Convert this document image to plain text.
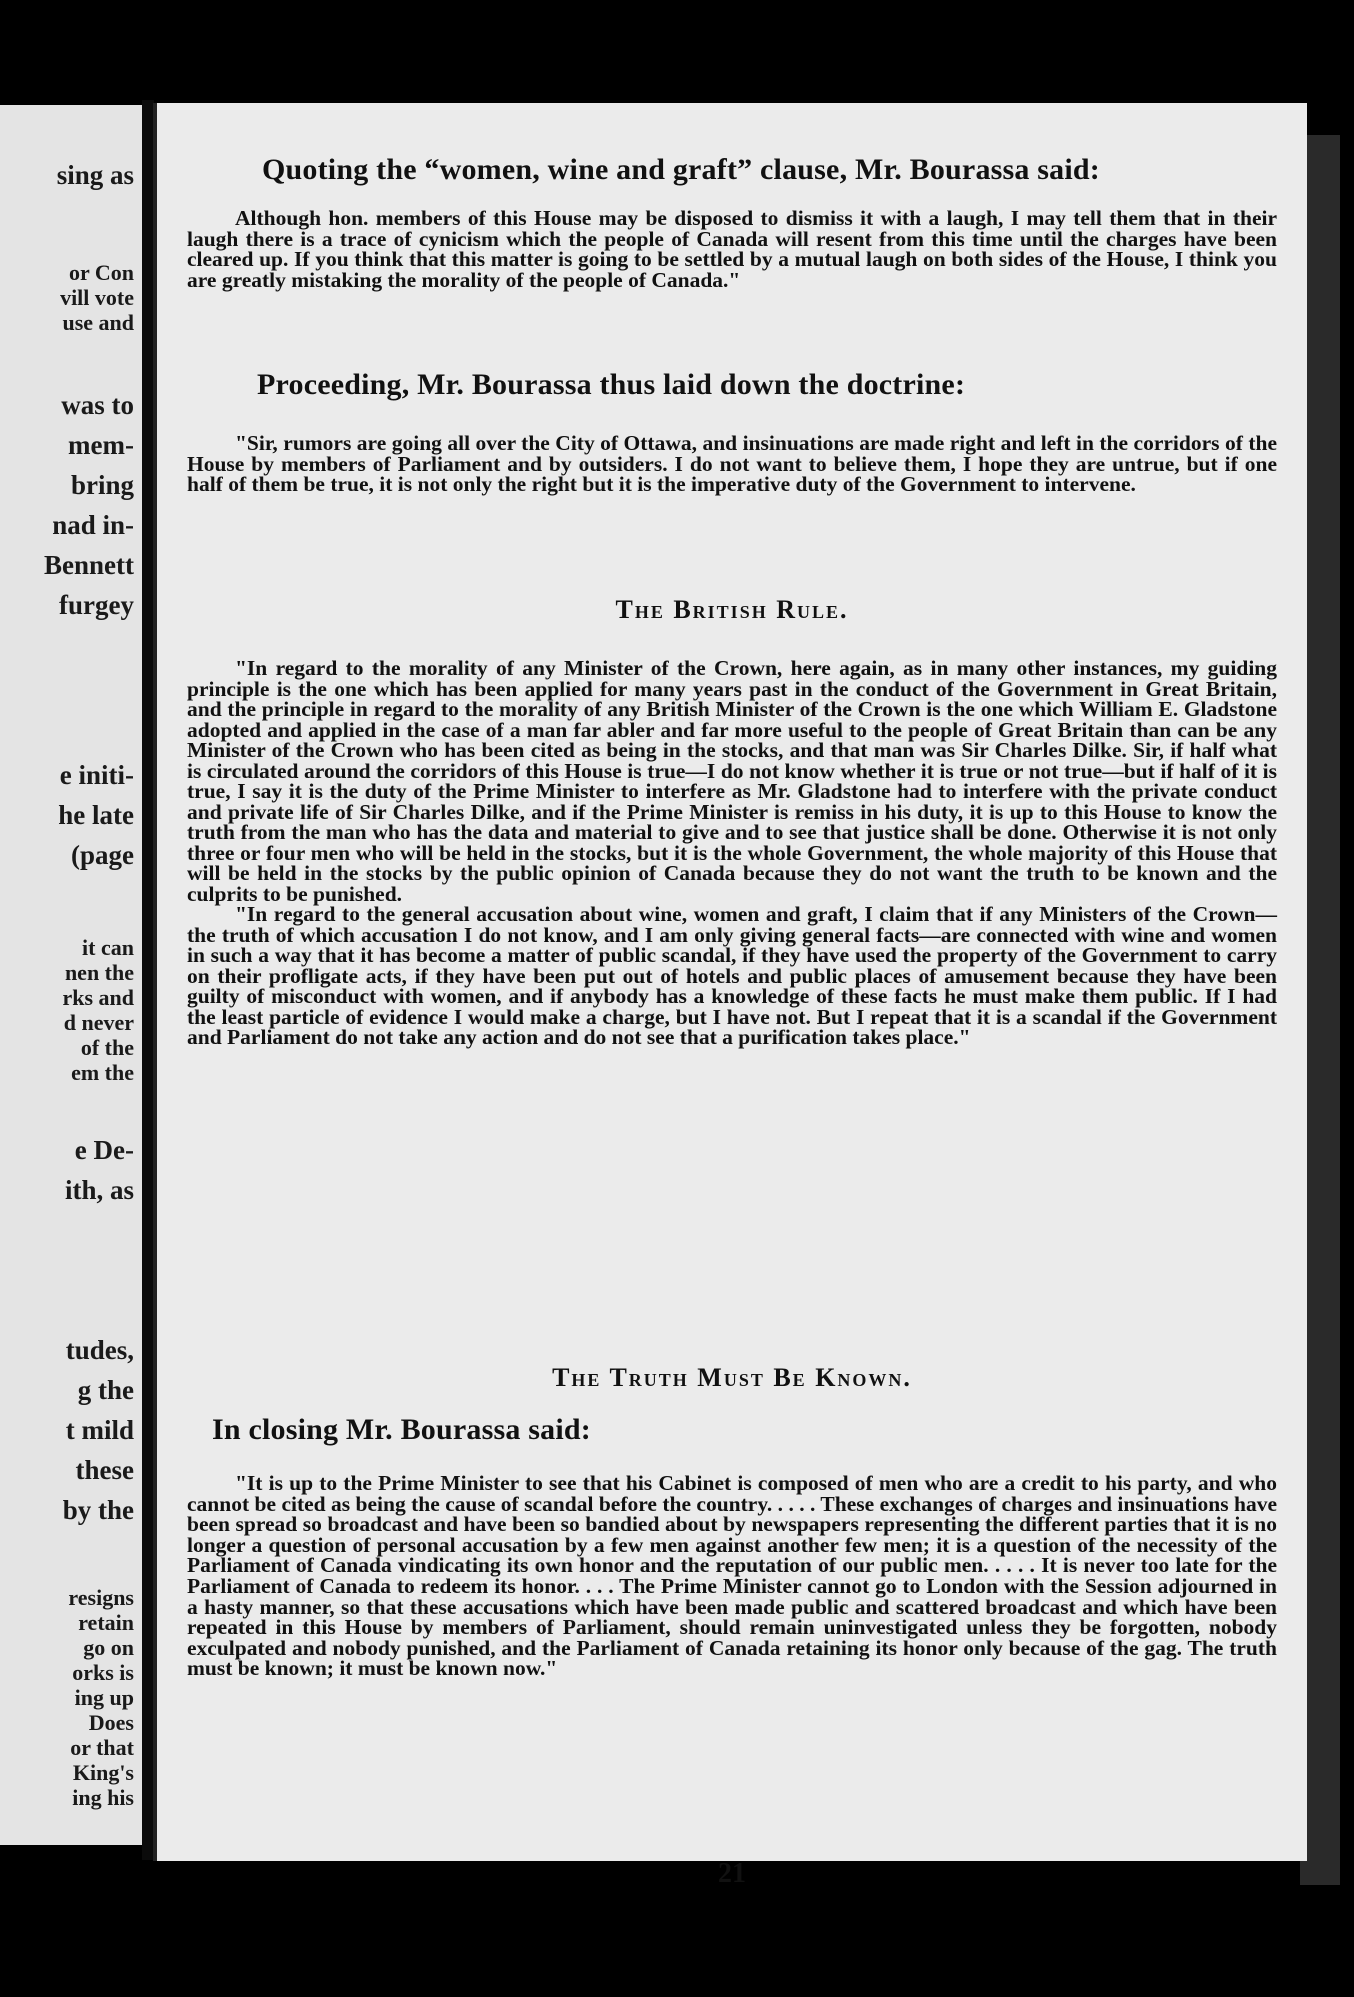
sing as
or Con
vill vote
use and
was to
mem-
bring
nad in-
Bennett
furgey
e initi-
he late
(page
it can
nen the
rks and
d never
of the
em the
e De-
ith, as
tudes,
g the
t mild
these
by the
resigns
retain
go on
orks is
ing up
Does
or that
King's
ing his
Quoting the “women, wine and graft” clause, Mr. Bourassa said:

Although hon. members of this House may be disposed to dismiss it with a laugh, I may tell them that in their laugh there is a trace of cynicism which the people of Canada will resent from this time until the charges have been cleared up. If you think that this matter is going to be settled by a mutual laugh on both sides of the House, I think you are greatly mistaking the morality of the people of Canada."

Proceeding, Mr. Bourassa thus laid down the doctrine:

"Sir, rumors are going all over the City of Ottawa, and insinuations are made right and left in the corridors of the House by members of Parliament and by outsiders. I do not want to believe them, I hope they are untrue, but if one half of them be true, it is not only the right but it is the imperative duty of the Government to intervene.

The British Rule.

"In regard to the morality of any Minister of the Crown, here again, as in many other instances, my guiding principle is the one which has been applied for many years past in the conduct of the Government in Great Britain, and the principle in regard to the morality of any British Minister of the Crown is the one which William E. Gladstone adopted and applied in the case of a man far abler and far more useful to the people of Great Britain than can be any Minister of the Crown who has been cited as being in the stocks, and that man was Sir Charles Dilke. Sir, if half what is circulated around the corridors of this House is true—I do not know whether it is true or not true—but if half of it is true, I say it is the duty of the Prime Minister to interfere as Mr. Gladstone had to interfere with the private conduct and private life of Sir Charles Dilke, and if the Prime Minister is remiss in his duty, it is up to this House to know the truth from the man who has the data and material to give and to see that justice shall be done. Otherwise it is not only three or four men who will be held in the stocks, but it is the whole Government, the whole majority of this House that will be held in the stocks by the public opinion of Canada because they do not want the truth to be known and the culprits to be punished.

"In regard to the general accusation about wine, women and graft, I claim that if any Ministers of the Crown—the truth of which accusation I do not know, and I am only giving general facts—are connected with wine and women in such a way that it has become a matter of public scandal, if they have used the property of the Government to carry on their profligate acts, if they have been put out of hotels and public places of amusement because they have been guilty of misconduct with women, and if anybody has a knowledge of these facts he must make them public. If I had the least particle of evidence I would make a charge, but I have not. But I repeat that it is a scandal if the Government and Parliament do not take any action and do not see that a purification takes place."

The Truth Must Be Known.
In closing Mr. Bourassa said:

"It is up to the Prime Minister to see that his Cabinet is composed of men who are a credit to his party, and who cannot be cited as being the cause of scandal before the country. . . . . These exchanges of charges and insinuations have been spread so broadcast and have been so bandied about by newspapers representing the different parties that it is no longer a question of personal accusation by a few men against another few men; it is a question of the necessity of the Parliament of Canada vindicating its own honor and the reputation of our public men. . . . . It is never too late for the Parliament of Canada to redeem its honor. . . . The Prime Minister cannot go to London with the Session adjourned in a hasty manner, so that these accusations which have been made public and scattered broadcast and which have been repeated in this House by members of Parliament, should remain uninvestigated unless they be forgotten, nobody exculpated and nobody punished, and the Parliament of Canada retaining its honor only because of the gag. The truth must be known; it must be known now."

21
